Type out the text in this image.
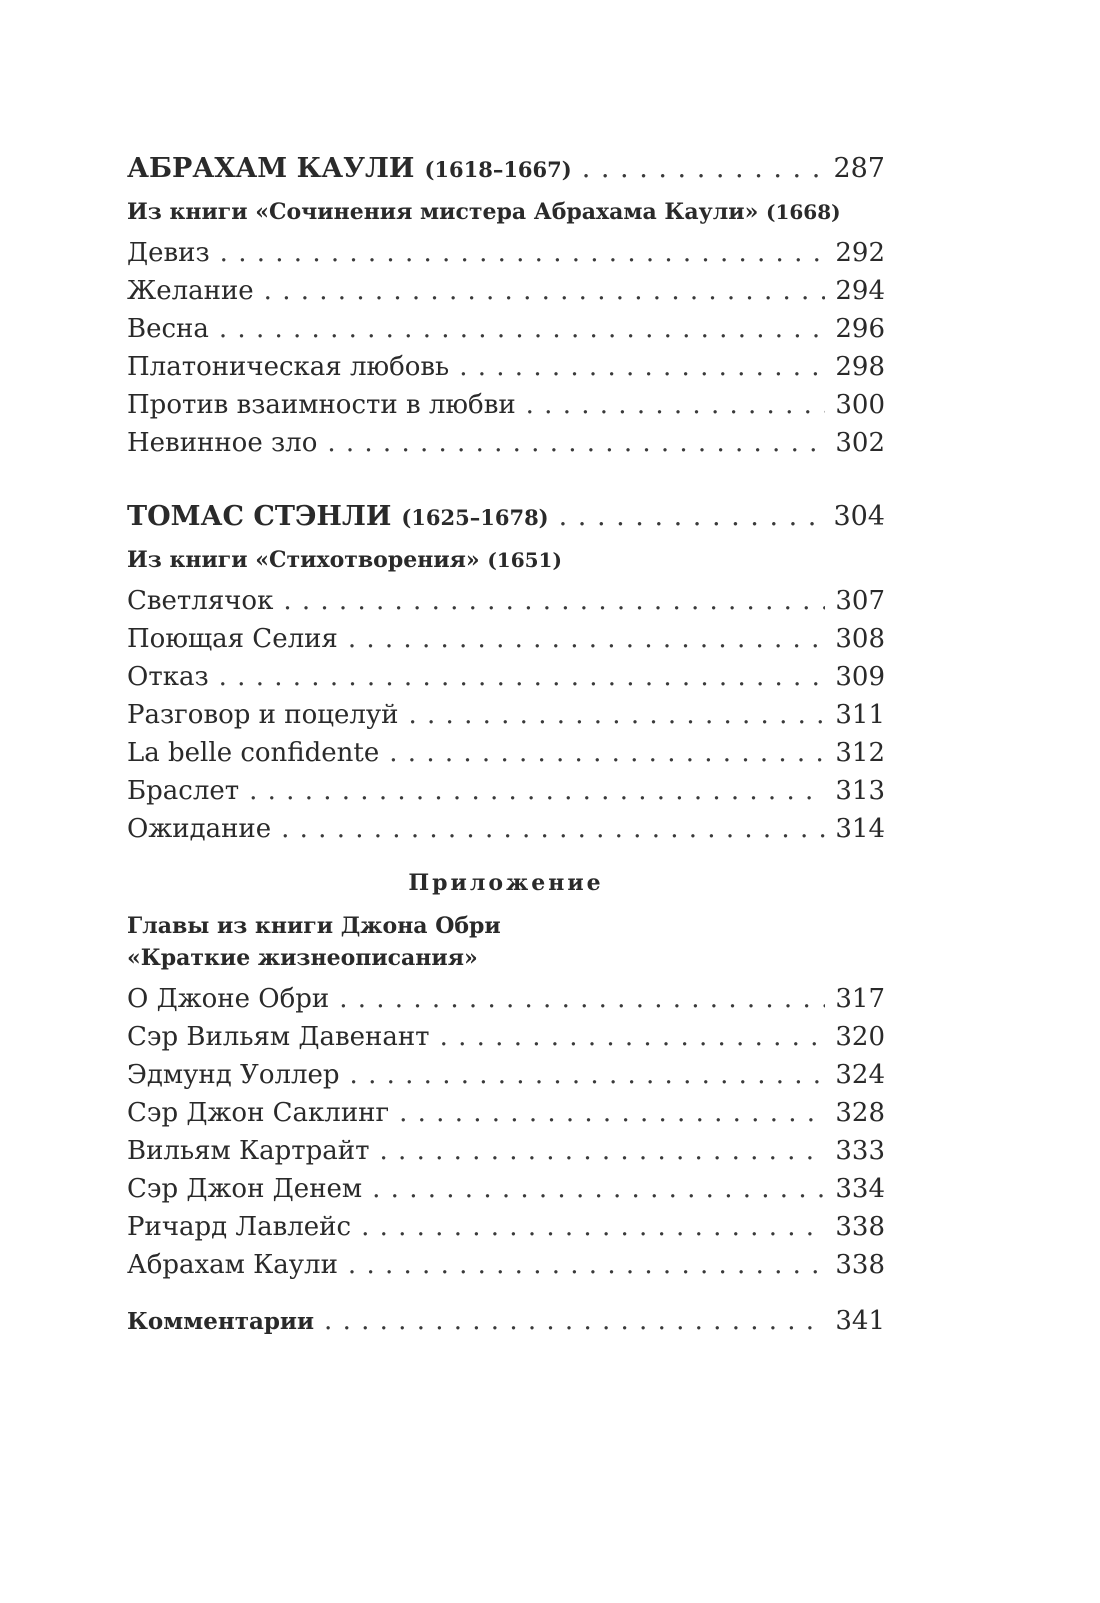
АБРАХАМ КАУЛИ (1618–1667) . . .	287
Из книги «Сочинения мистера Абрахама Каули» (1668)
Девиз . . .	292
Желание . . .	294
Весна . . .	296
Платоническая любовь . . .	298
Против взаимности в любви . . .	300
Невинное зло . . .	302
ТОМАС СТЭНЛИ (1625–1678) . . .	304
Из книги «Стихотворения» (1651)
Светлячок . . .	307
Поющая Селия . . .	308
Отказ . . .	309
Разговор и поцелуй . . .	311
La belle confidente . . .	312
Браслет . . .	313
Ожидание . . .	314
Приложение
Главы из книги Джона Обри
«Краткие жизнеописания»
О Джоне Обри . . .	317
Сэр Вильям Давенант . . .	320
Эдмунд Уоллер . . .	324
Сэр Джон Саклинг . . .	328
Вильям Картрайт . . .	333
Сэр Джон Денем . . .	334
Ричард Лавлейс . . .	338
Абрахам Каули . . .	338
Комментарии . . .	341
